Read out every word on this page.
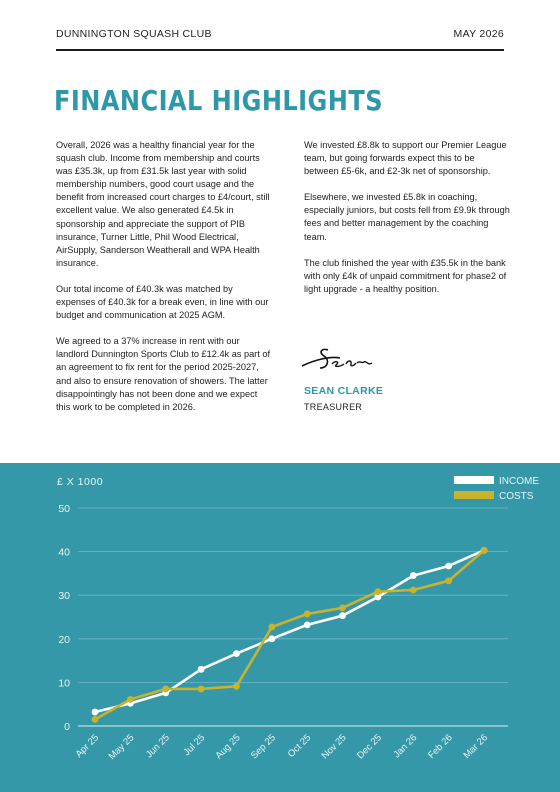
DUNNINGTON SQUASH CLUB	MAY 2026
FINANCIAL HIGHLIGHTS

Overall, 2026 was a healthy financial year for the squash club. Income from membership and courts was £35.3k, up from £31.5k last year with solid membership numbers, good court usage and the benefit from increased court charges to £4/court, still excellent value. We also generated £4.5k in sponsorship and appreciate the support of PIB insurance, Turner Little, Phil Wood Electrical, AirSupply, Sanderson Weatherall and WPA Health insurance.

Our total income of £40.3k was matched by expenses of £40.3k for a break even, in line with our budget and communication at 2025 AGM.

We agreed to a 37% increase in rent with our landlord Dunnington Sports Club to £12.4k as part of an agreement to fix rent for the period 2025-2027, and also to ensure renovation of showers. The latter disappointingly has not been done and we expect this work to be completed in 2026.

We invested £8.8k to support our Premier League team, but going forwards expect this to be between £5-6k, and £2-3k net of sponsorship.

Elsewhere, we invested £5.8k in coaching, especially juniors, but costs fell from £9.9k through fees and better management by the coaching team.

The club finished the year with £35.5k in the bank with only £4k of unpaid commitment for phase2 of light upgrade - a healthy position.

SEAN CLARKE
TREASURER
£ X 1000
0
10
20
30
40
50
Apr 25 May 25 Jun 25 Jul 25 Aug 25 Sep 25 Oct 25 Nov 25 Dec 25 Jan 26 Feb 26 Mar 26
INCOME
COSTS
